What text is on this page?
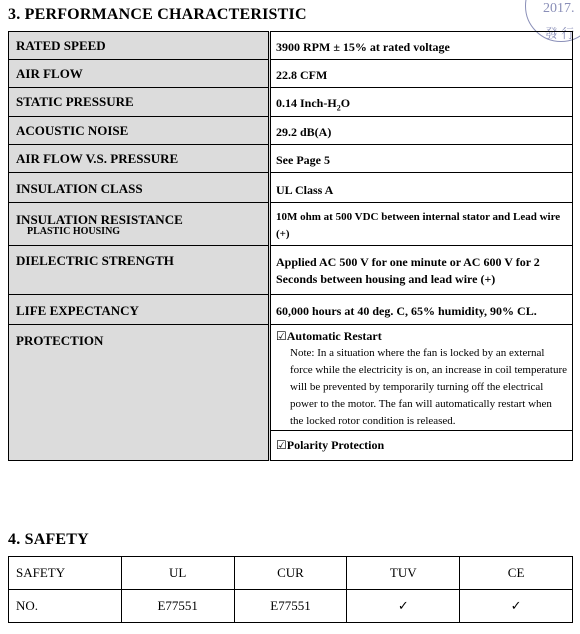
2017.
發 行
3. PERFORMANCE CHARACTERISTIC
RATED SPEED	3900 RPM ± 15% at rated voltage
AIR FLOW	22.8 CFM
STATIC PRESSURE	0.14 Inch-$H_2O$
ACOUSTIC NOISE	29.2 dB(A)
AIR FLOW V.S. PRESSURE	See Page 5
INSULATION CLASS	UL Class A
INSULATION RESISTANCE
PLASTIC HOUSING	10M ohm at 500 VDC between internal stator and Lead wire (+)
DIELECTRIC STRENGTH	Applied AC 500 V for one minute or AC 600 V for 2 Seconds between housing and lead wire (+)
LIFE EXPECTANCY	60,000 hours at 40 deg. C, 65% humidity, 90% CL.
PROTECTION	☑Automatic Restart
Note: In a situation where the fan is locked by an external force while the electricity is on, an increase in coil temperature will be prevented by temporarily turning off the electrical power to the motor. The fan will automatically restart when the locked rotor condition is released.

	☑Polarity Protection
4. SAFETY
SAFETY	UL	CUR	TUV	CE
NO.	E77551	E77551	✓	✓
